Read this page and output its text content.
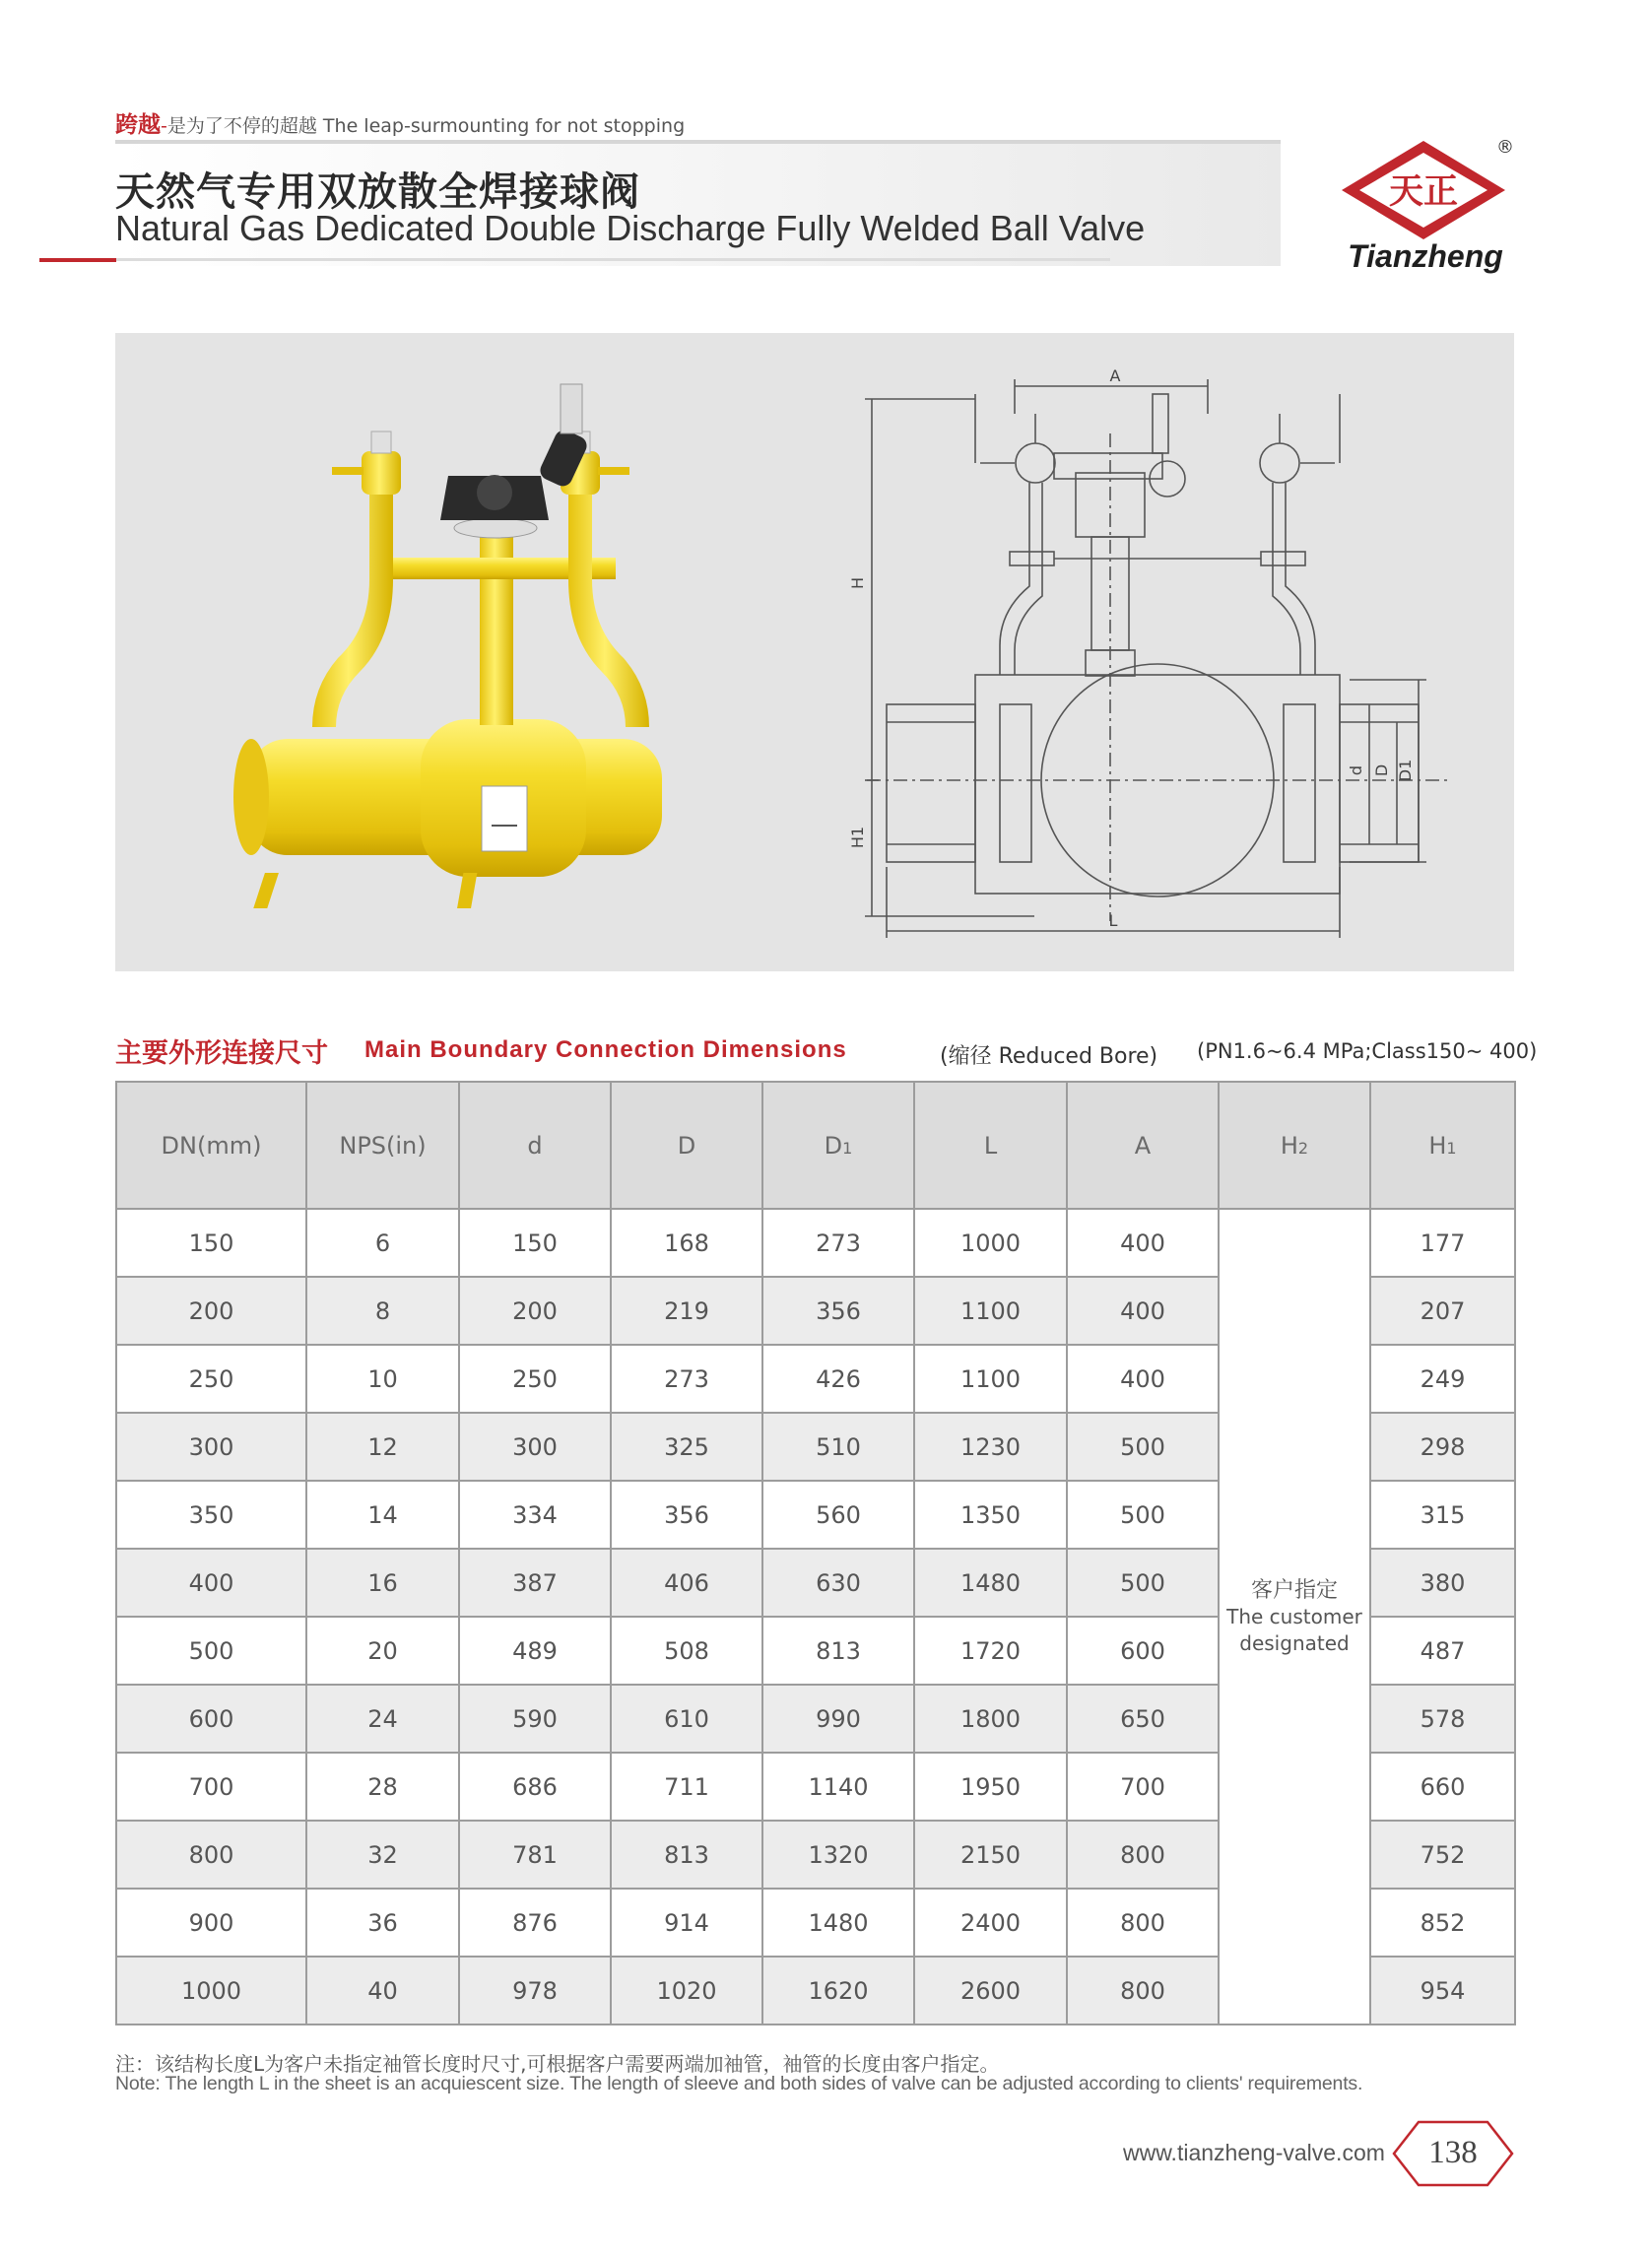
跨越-是为了不停的超越 The leap-surmounting for not stopping
天然气专用双放散全焊接球阀
Natural Gas Dedicated Double Discharge Fully Welded Ball Valve
天正
®
Tianzheng
A
H
H1
L
d D D1
主要外形连接尺寸 Main Boundary Connection Dimensions	(缩径 Reduced Bore) (PN1.6~6.4 MPa;Class150~ 400)
DN(mm)	NPS(in)	d	D	D1	L	A	H2	H1
150	6	150	168	273	1000	400	客户指定
The customer
designated	177
200	8	200	219	356	1100	400		207
250	10	250	273	426	1100	400		249
300	12	300	325	510	1230	500		298
350	14	334	356	560	1350	500		315
400	16	387	406	630	1480	500		380
500	20	489	508	813	1720	600		487
600	24	590	610	990	1800	650		578
700	28	686	711	1140	1950	700		660
800	32	781	813	1320	2150	800		752
900	36	876	914	1480	2400	800		852
1000	40	978	1020	1620	2600	800		954
注：该结构长度L为客户未指定袖管长度时尺寸,可根据客户需要两端加袖管，袖管的长度由客户指定。
Note: The length L in the sheet is an acquiescent size. The length of sleeve and both sides of valve can be adjusted according to clients' requirements.
www.tianzheng-valve.com	138
